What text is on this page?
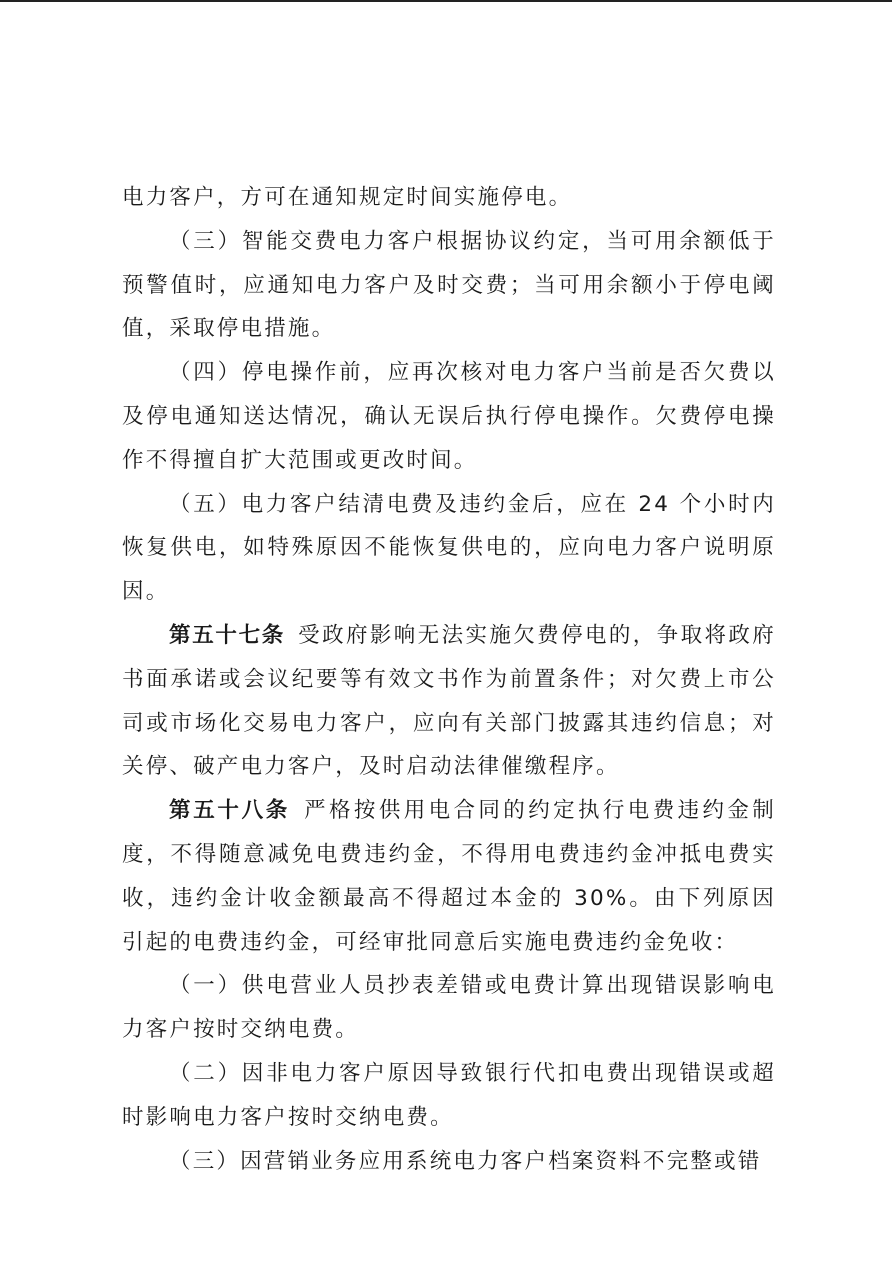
电力客户，方可在通知规定时间实施停电。

（三）智能交费电力客户根据协议约定，当可用余额低于预警值时，应通知电力客户及时交费；当可用余额小于停电阈值，采取停电措施。

（四）停电操作前，应再次核对电力客户当前是否欠费以及停电通知送达情况，确认无误后执行停电操作。欠费停电操作不得擅自扩大范围或更改时间。

（五）电力客户结清电费及违约金后，应在 24 个小时内恢复供电，如特殊原因不能恢复供电的，应向电力客户说明原因。

第五十七条  受政府影响无法实施欠费停电的，争取将政府书面承诺或会议纪要等有效文书作为前置条件；对欠费上市公司或市场化交易电力客户，应向有关部门披露其违约信息；对关停、破产电力客户，及时启动法律催缴程序。

第五十八条  严格按供用电合同的约定执行电费违约金制度，不得随意减免电费违约金，不得用电费违约金冲抵电费实收，违约金计收金额最高不得超过本金的 30%。由下列原因引起的电费违约金，可经审批同意后实施电费违约金免收：

（一）供电营业人员抄表差错或电费计算出现错误影响电力客户按时交纳电费。

（二）因非电力客户原因导致银行代扣电费出现错误或超时影响电力客户按时交纳电费。

（三）因营销业务应用系统电力客户档案资料不完整或错
